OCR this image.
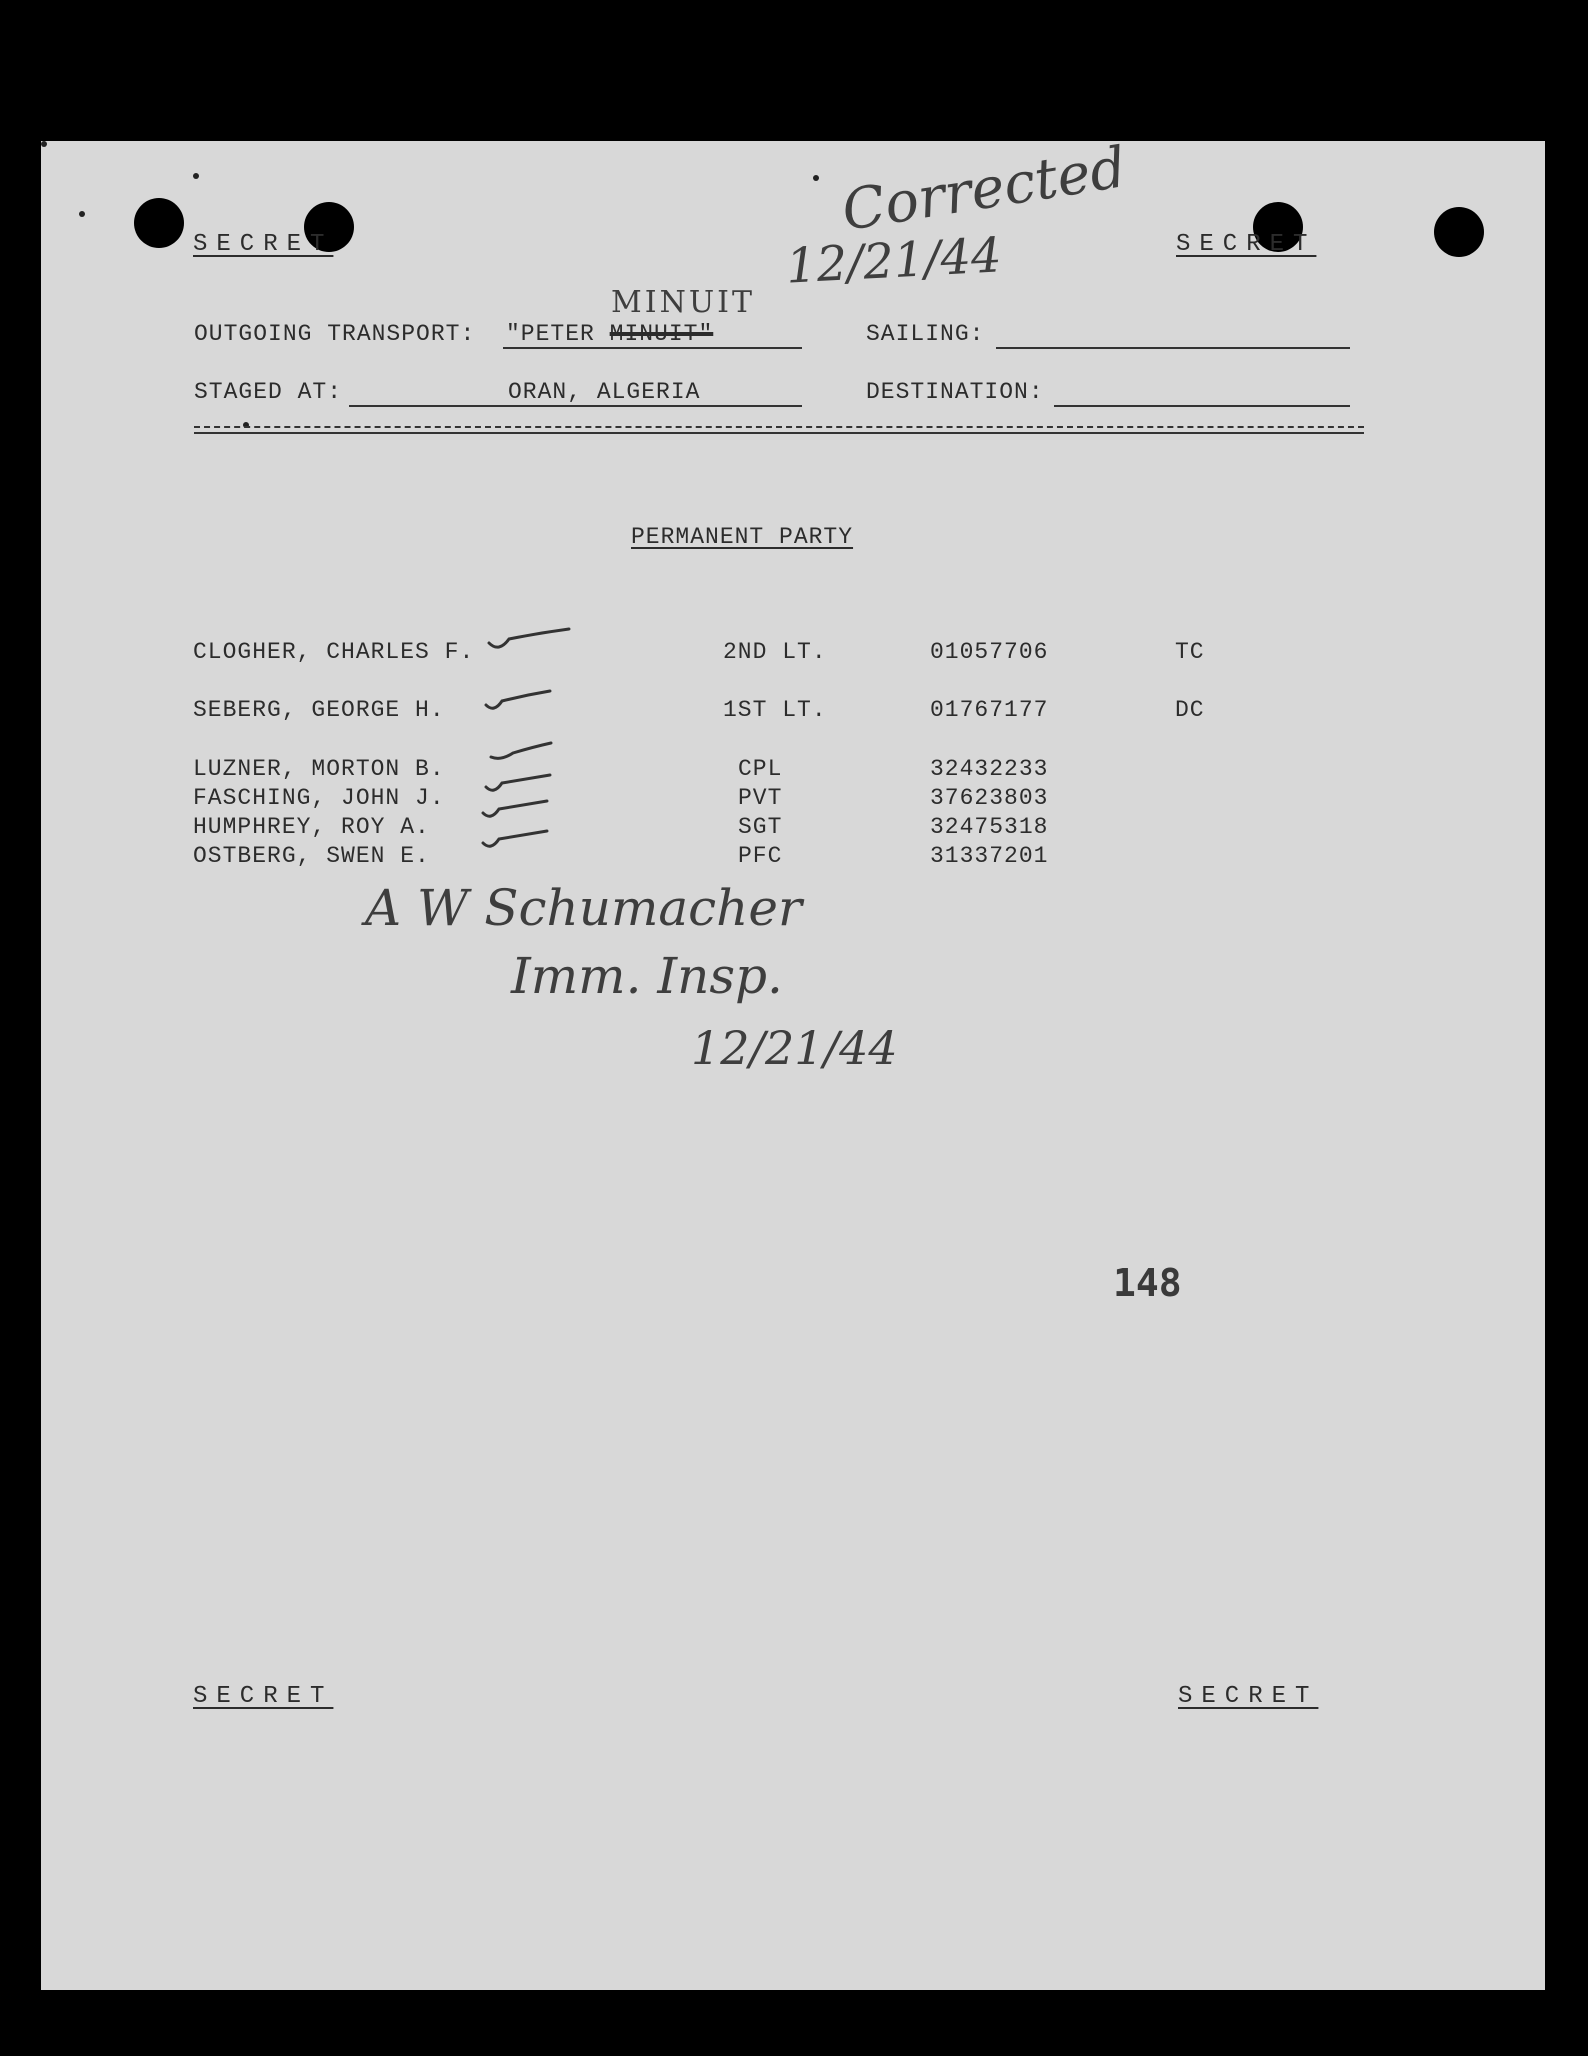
SECRET	SECRET
Corrected
12/21/44
OUTGOING TRANSPORT:
MINUIT
"PETER MINUIT"	SAILING:
STAGED AT:	ORAN, ALGERIA	DESTINATION:
PERMANENT PARTY
CLOGHER, CHARLES F.	2ND LT.	01057706	TC
SEBERG, GEORGE H.	1ST LT.	01767177	DC
LUZNER, MORTON B.	CPL	32432233
FASCHING, JOHN J.	PVT	37623803
HUMPHREY, ROY A.	SGT	32475318
OSTBERG, SWEN E.	PFC	31337201
A W Schumacher
Imm. Insp.
12/21/44
148
SECRET	SECRET
